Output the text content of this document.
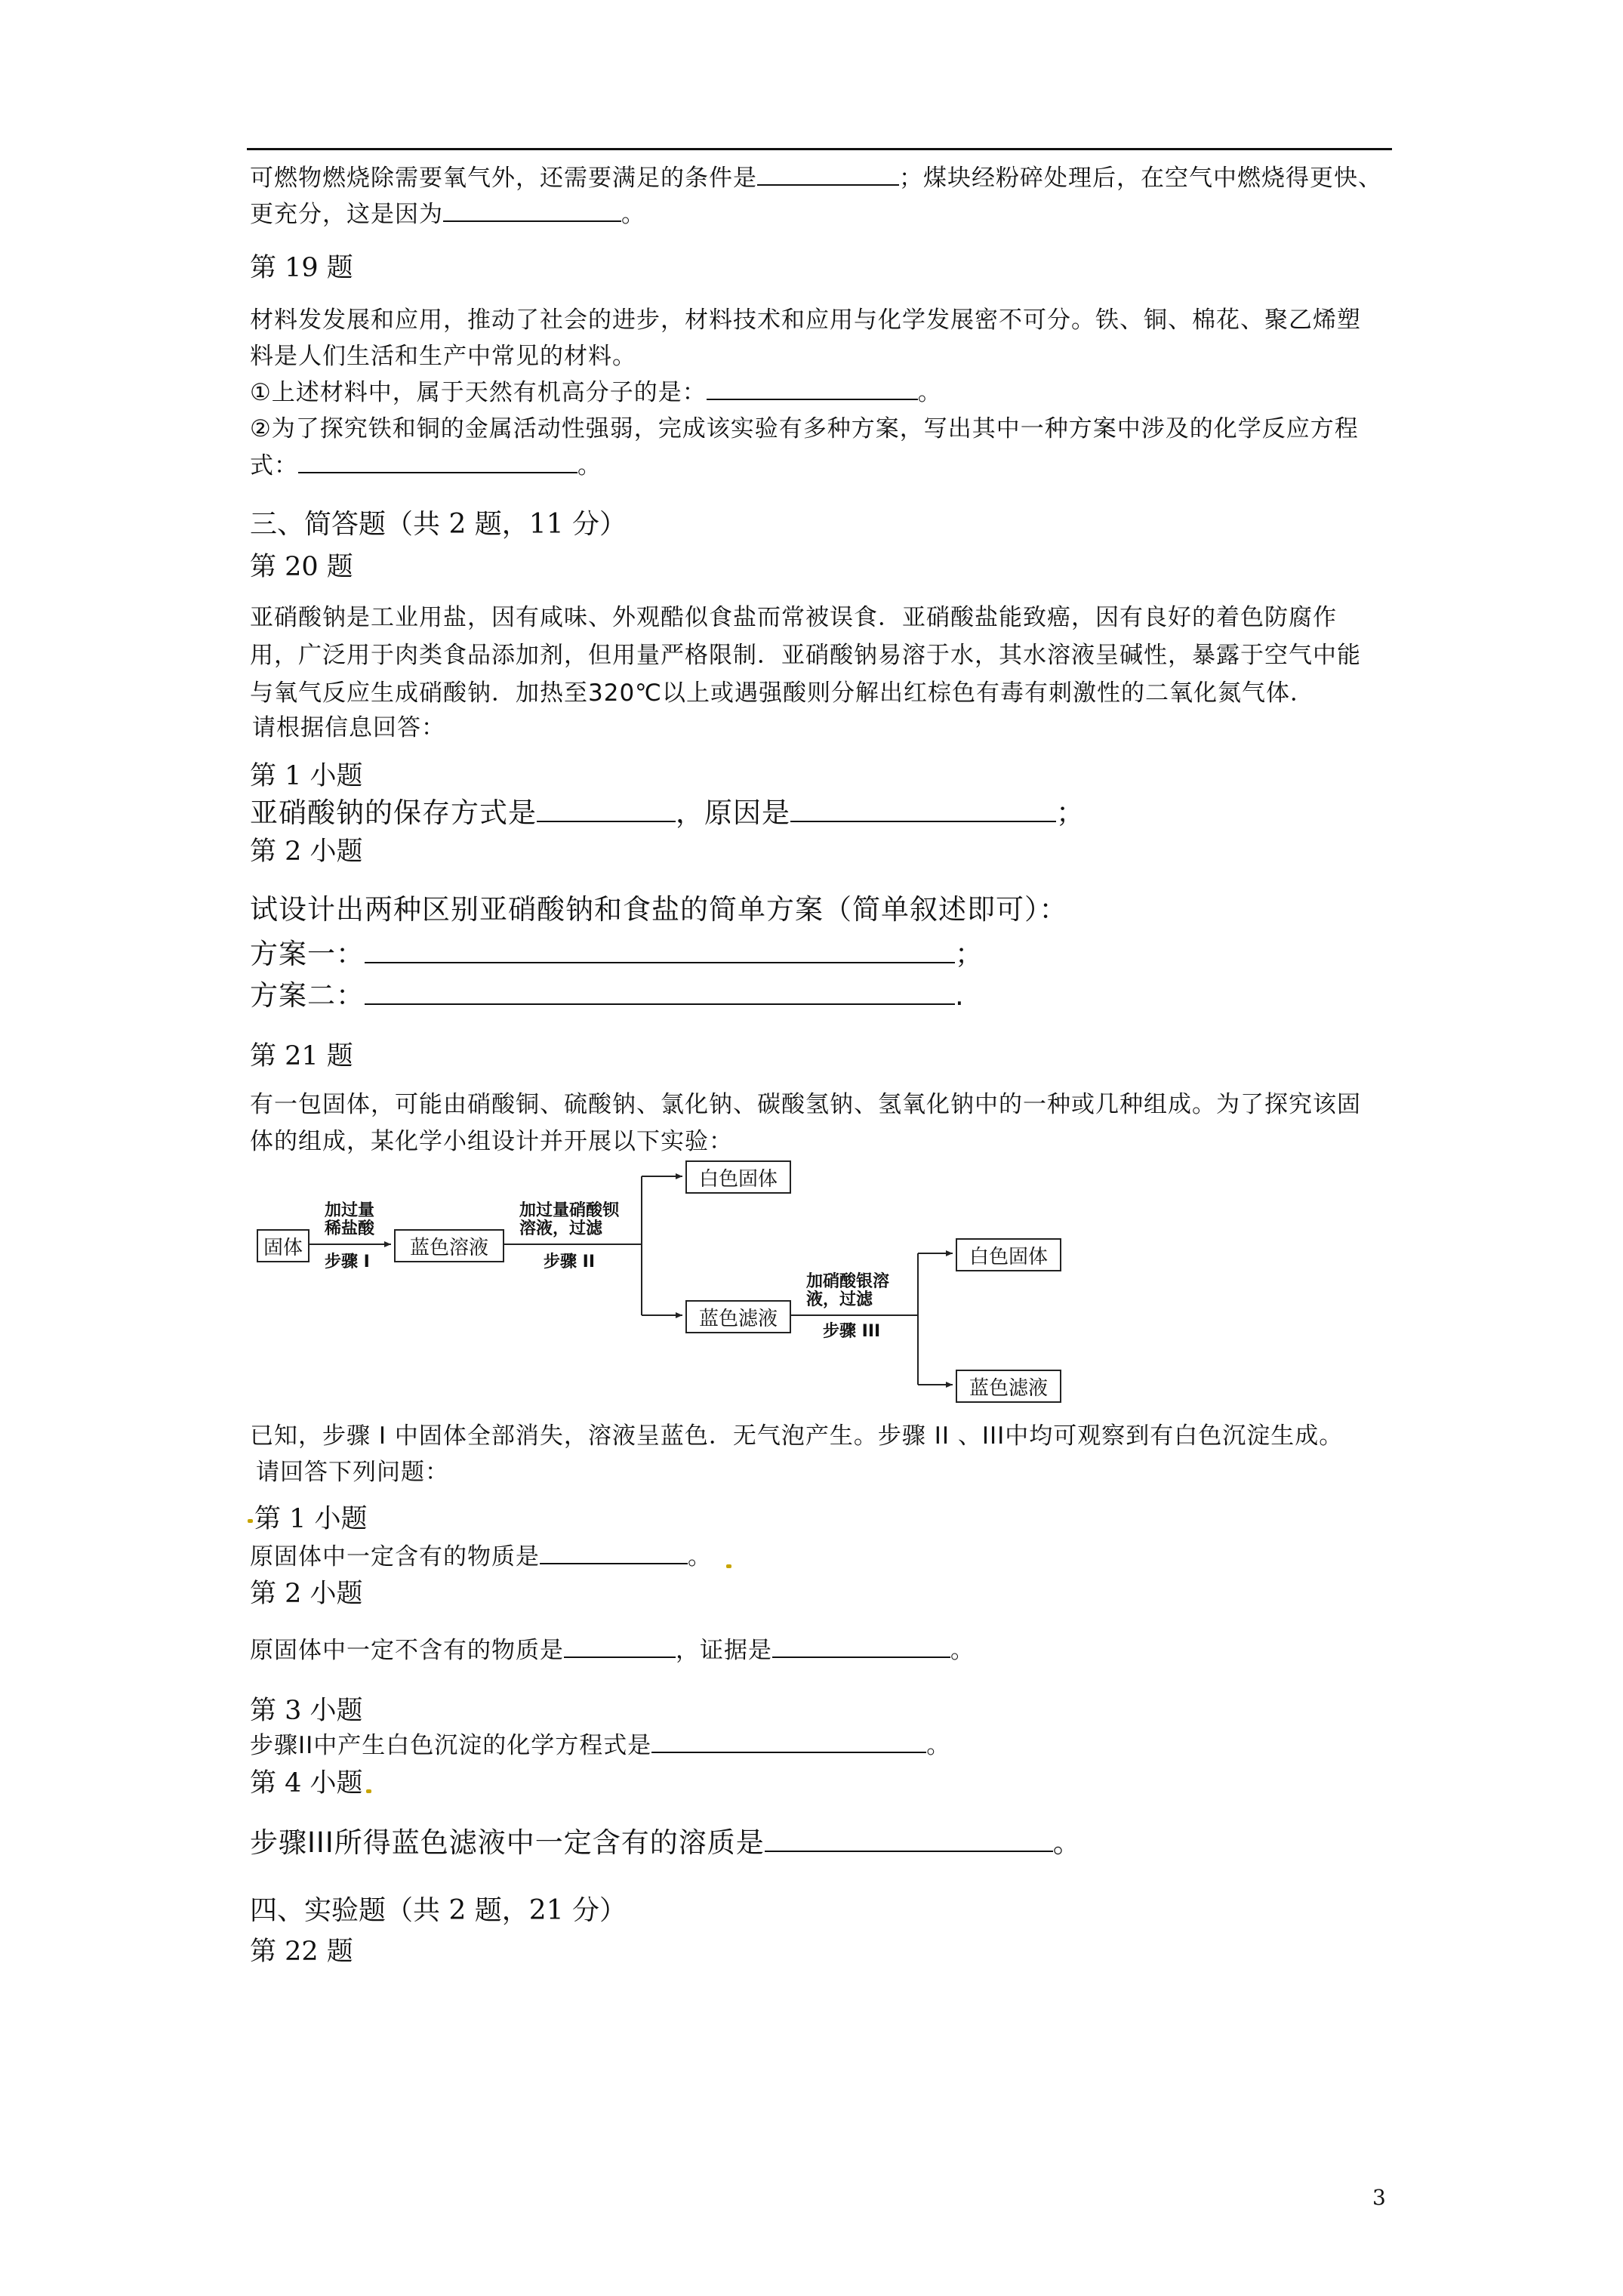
可燃物燃烧除需要氧气外，还需要满足的条件是	；煤块经粉碎处理后，在空气中燃烧得更快、
更充分，这是因为	。
第 19 题
材料发发展和应用，推动了社会的进步，材料技术和应用与化学发展密不可分。铁、铜、棉花、聚乙烯塑
料是人们生活和生产中常见的材料。
①上述材料中，属于天然有机高分子的是：	。
②为了探究铁和铜的金属活动性强弱，完成该实验有多种方案，写出其中一种方案中涉及的化学反应方程
式：	。
三、简答题（共 2 题，11 分）
第 20 题
亚硝酸钠是工业用盐，因有咸味、外观酷似食盐而常被误食．亚硝酸盐能致癌，因有良好的着色防腐作
用，广泛用于肉类食品添加剂，但用量严格限制．亚硝酸钠易溶于水，其水溶液呈碱性，暴露于空气中能
与氧气反应生成硝酸钠．加热至320℃以上或遇强酸则分解出红棕色有毒有刺激性的二氧化氮气体．
请根据信息回答：
第 1 小题
亚硝酸钠的保存方式是	，原因是	；
第 2 小题
试设计出两种区别亚硝酸钠和食盐的简单方案（简单叙述即可）：
方案一：	；
方案二：	.
第 21 题
有一包固体，可能由硝酸铜、硫酸钠、氯化钠、碳酸氢钠、氢氧化钠中的一种或几种组成。为了探究该固
体的组成，某化学小组设计并开展以下实验：
固体	蓝色溶液
白色固体
蓝色滤液
白色固体
蓝色滤液
加过量
稀盐酸
步骤 I
加过量硝酸钡
溶液，过滤
步骤 II
加硝酸银溶
液，过滤
步骤 III
已知，步骤 I 中固体全部消失，溶液呈蓝色．无气泡产生。步骤 II 、III中均可观察到有白色沉淀生成。
请回答下列问题：
第 1 小题
原固体中一定含有的物质是	。
第 2 小题
原固体中一定不含有的物质是	，证据是	。
第 3 小题
步骤II中产生白色沉淀的化学方程式是	。
第 4 小题
步骤III所得蓝色滤液中一定含有的溶质是	。
四、实验题（共 2 题，21 分）
第 22 题
3
